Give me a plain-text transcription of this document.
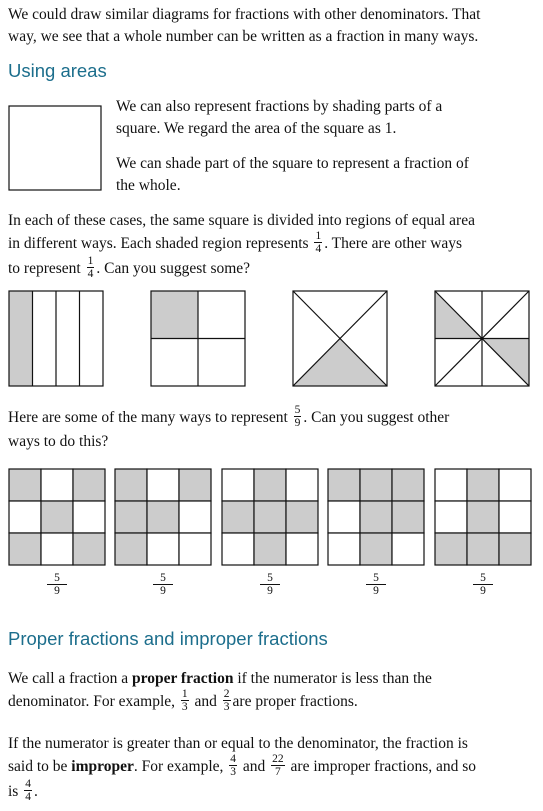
We could draw similar diagrams for fractions with other denominators. That
way, we see that a whole number can be written as a fraction in many ways.

Using areas

We can also represent fractions by shading parts of a
square. We regard the area of the square as 1.

We can shade part of the square to represent a fraction of
the whole.

In each of these cases, the same square is divided into regions of equal area
in different ways. Each shaded region represents $\frac{1}{4}$ . There are other ways
to represent $\frac{1}{4}$ . Can you suggest some?

Here are some of the many ways to represent $\frac{5}{9}$ . Can you suggest other
ways to do this?

$\frac{5}{9}$	$\frac{5}{9}$	$\frac{5}{9}$	$\frac{5}{9}$	$\frac{5}{9}$
Proper fractions and improper fractions

We call a fraction a proper fraction if the numerator is less than the
denominator. For example, $\frac{1}{3}$ and $\frac{2}{3}$ are proper fractions.

If the numerator is greater than or equal to the denominator, the fraction is
said to be improper. For example, $\frac{4}{3}$ and $\frac{22}{7}$ are improper fractions, and so
is $\frac{4}{4}$ .
